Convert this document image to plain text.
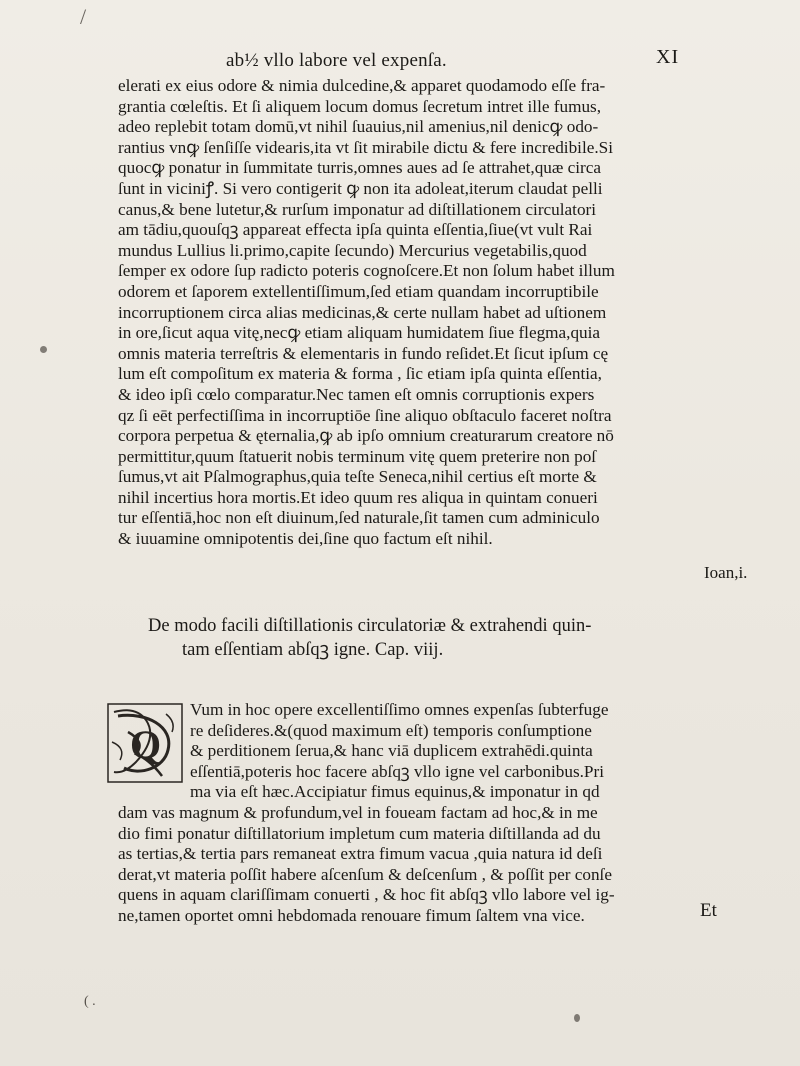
/
ab½ vllo labore vel expenſa.	XI
elerati ex eius odore & nimia dulcedine,& apparet quodamodo eſſe fra-
grantia cœleſtis. Et ſi aliquem locum domus ſecretum intret ille fumus,
adeo replebit totam domū,vt nihil ſuauius,nil amenius,nil denicꝙ odo-
rantius vnꝙ ſenſiſſe videaris,ita vt ſit mirabile dictu & fere incredibile.Si
quocꝙ ponatur in ſummitate turris,omnes aues ad ſe attrahet,quæ circa
ſunt in viciniꝭ. Si vero contigerit ꝙ non ita adoleat,iterum claudat pelli
canus,& bene lutetur,& rurſum imponatur ad diſtillationem circulatori
am tādiu,quouſqꝫ appareat effecta ipſa quinta eſſentia,ſiue(vt vult Rai
mundus Lullius li.primo,capite ſecundo) Mercurius vegetabilis,quod
ſemper ex odore ſup radicto poteris cognoſcere.Et non ſolum habet illum
odorem et ſaporem extellentiſſimum,ſed etiam quandam incorruptibile
incorruptionem circa alias medicinas,& certe nullam habet ad uſtionem
in ore,ſicut aqua vitę,necꝙ etiam aliquam humidatem ſiue flegma,quia
omnis materia terreſtris & elementaris in fundo reſidet.Et ſicut ipſum cę
lum eſt compoſitum ex materia & forma , ſic etiam ipſa quinta eſſentia,
& ideo ipſi cœlo comparatur.Nec tamen eſt omnis corruptionis expers
qz ſi eēt perfectiſſima in incorruptiōe ſine aliquo obſtaculo faceret noſtra
corpora perpetua & ęternalia,ꝙ ab ipſo omnium creaturarum creatore nō
permittitur,quum ſtatuerit nobis terminum vitę quem preterire non poſ
ſumus,vt ait Pſalmographus,quia teſte Seneca,nihil certius eſt morte &
nihil incertius hora mortis.Et ideo quum res aliqua in quintam conueri
tur eſſentiā,hoc non eſt diuinum,ſed naturale,ſit tamen cum adminiculo
& iuuamine omnipotentis dei,ſine quo factum eſt nihil.
Ioan,i.
De modo facili diſtillationis circulatoriæ & extrahendi quin-
tam eſſentiam abſqꝫ igne. Cap. viij.
Q
Vum in hoc opere excellentiſſimo omnes expenſas ſubterfuge
re deſideres.&(quod maximum eſt) temporis conſumptione
& perditionem ſerua,& hanc viā duplicem extrahēdi.quinta
eſſentiā,poteris hoc facere abſqꝫ vllo igne vel carbonibus.Pri
ma via eſt hæc.Accipiatur fimus equinus,& imponatur in qd
dam vas magnum & profundum,vel in foueam factam ad hoc,& in me
dio fimi ponatur diſtillatorium impletum cum materia diſtillanda ad du
as tertias,& tertia pars remaneat extra fimum vacua ,quia natura id deſi
derat,vt materia poſſit habere aſcenſum & deſcenſum , & poſſit per conſe
quens in aquam clariſſimam conuerti , & hoc fit abſqꝫ vllo labore vel ig-
ne,tamen oportet omni hebdomada renouare fimum ſaltem vna vice.	Et
( .
